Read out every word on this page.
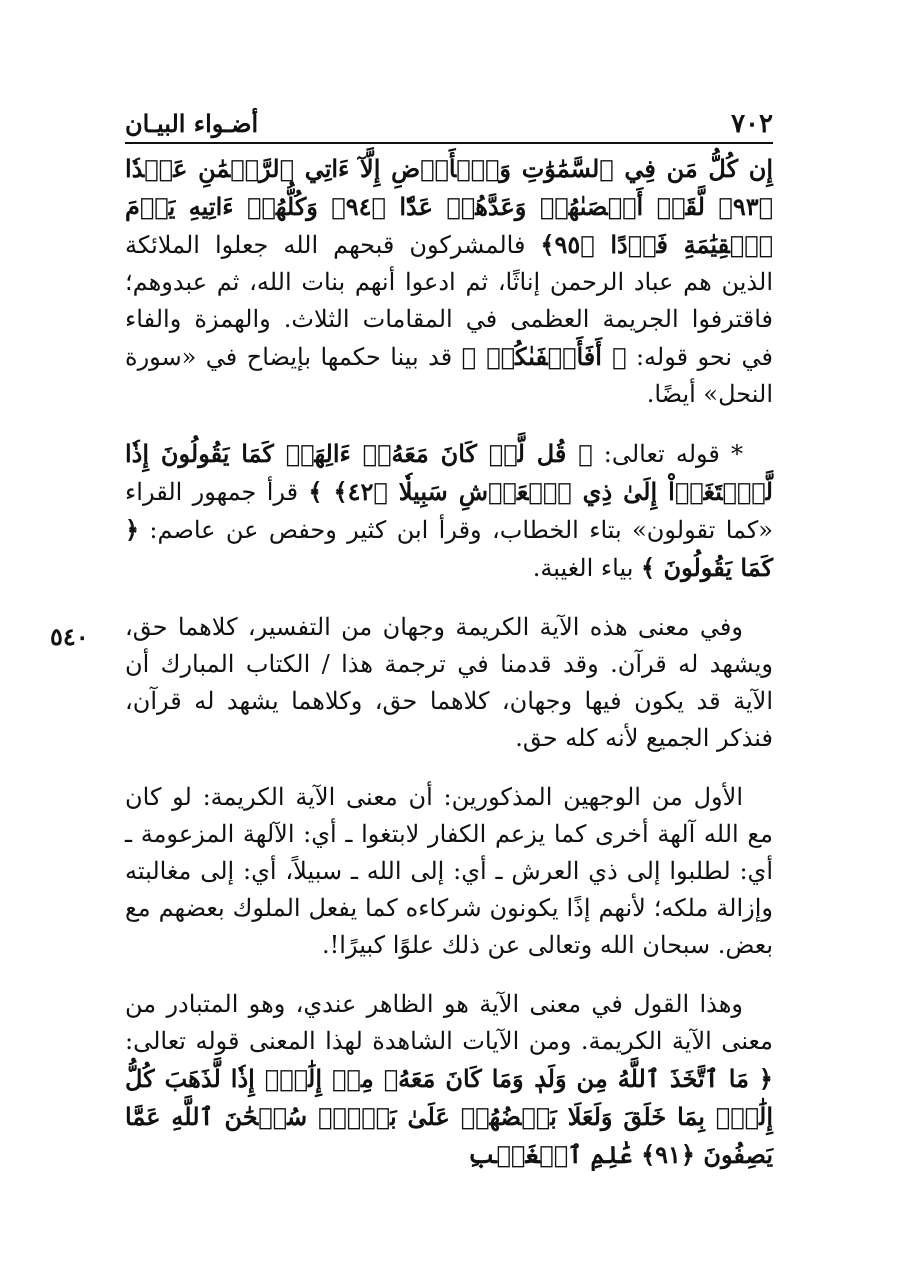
٧٠٢
أضـواء البيـان
٥٤٠

إِن كُلُّ مَن فِي ٱلسَّمَٰوَٰتِ وَٱلۡأَرۡضِ إِلَّآ ءَاتِي ٱلرَّحۡمَٰنِ عَبۡدٗا ﴿٩٣﴾ لَّقَدۡ أَحۡصَىٰهُمۡ وَعَدَّهُمۡ عَدّٗا ﴿٩٤﴾ وَكُلُّهُمۡ ءَاتِيهِ يَوۡمَ ٱلۡقِيَٰمَةِ فَرۡدًا ﴿٩٥﴾ فالمشركون قبحهم الله جعلوا الملائكة الذين هم عباد الرحمن إناثًا، ثم ادعوا أنهم بنات الله، ثم عبدوهم؛ فاقترفوا الجريمة العظمى في المقامات الثلاث. والهمزة والفاء في نحو قوله: ﴿ أَفَأَصۡفَىٰكُمۡ ﴾ قد بينا حكمها بإيضاح في «سورة النحل» أيضًا.

* قوله تعالى: ﴿ قُل لَّوۡ كَانَ مَعَهُۥٓ ءَالِهَةٞ كَمَا يَقُولُونَ إِذٗا لَّٱبۡتَغَوۡاْ إِلَىٰ ذِي ٱلۡعَرۡشِ سَبِيلٗا ﴿٤٢﴾ ﴾ قرأ جمهور القراء «كما تقولون» بتاء الخطاب، وقرأ ابن كثير وحفص عن عاصم: ﴿ كَمَا يَقُولُونَ ﴾ بياء الغيبة.

وفي معنى هذه الآية الكريمة وجهان من التفسير، كلاهما حق، ويشهد له قرآن. وقد قدمنا في ترجمة هذا / الكتاب المبارك أن الآية قد يكون فيها وجهان، كلاهما حق، وكلاهما يشهد له قرآن، فنذكر الجميع لأنه كله حق.

الأول من الوجهين المذكورين: أن معنى الآية الكريمة: لو كان مع الله آلهة أخرى كما يزعم الكفار لابتغوا ـ أي: الآلهة المزعومة ـ أي: لطلبوا إلى ذي العرش ـ أي: إلى الله ـ سبيلاً، أي: إلى مغالبته وإزالة ملكه؛ لأنهم إذًا يكونون شركاءه كما يفعل الملوك بعضهم مع بعض. سبحان الله وتعالى عن ذلك علوًا كبيرًا!.

وهذا القول في معنى الآية هو الظاهر عندي، وهو المتبادر من معنى الآية الكريمة. ومن الآيات الشاهدة لهذا المعنى قوله تعالى: ﴿ مَا ٱتَّخَذَ ٱللَّهُ مِن وَلَدٖ وَمَا كَانَ مَعَهُۥ مِنۡ إِلَٰهٍۚ إِذٗا لَّذَهَبَ كُلُّ إِلَٰهِۭ بِمَا خَلَقَ وَلَعَلَا بَعۡضُهُمۡ عَلَىٰ بَعۡضٖۚ سُبۡحَٰنَ ٱللَّهِ عَمَّا يَصِفُونَ ﴿٩١﴾ عَٰلِمِ ٱلۡغَيۡبِ
